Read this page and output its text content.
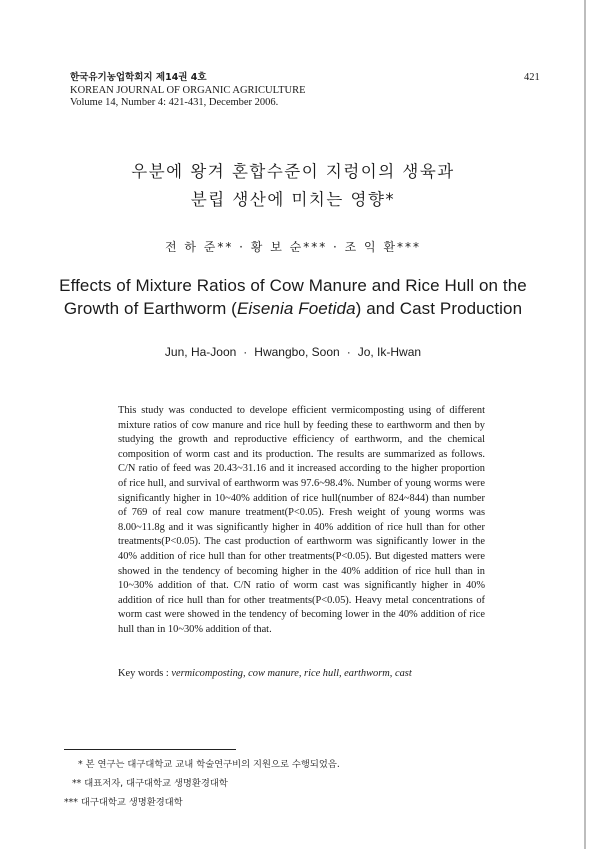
한국유기농업학회지 제14권 4호
KOREAN JOURNAL OF ORGANIC AGRICULTURE
Volume 14, Number 4: 421-431, December 2006.
421
우분에 왕겨 혼합수준이 지렁이의 생육과
분립 생산에 미치는 영향*
전 하 준** · 황 보 순*** · 조 익 환***
Effects of Mixture Ratios of Cow Manure and Rice Hull on the
Growth of Earthworm (Eisenia Foetida) and Cast Production
Jun, Ha-Joon · Hwangbo, Soon · Jo, Ik-Hwan
This study was conducted to develope efficient vermicomposting using of different mixture ratios of cow manure and rice hull by feeding these to earthworm and then by studying the growth and reproductive efficiency of earthworm, and the chemical composition of worm cast and its production. The results are summarized as follows. C/N ratio of feed was 20.43~31.16 and it increased according to the higher proportion of rice hull, and survival of earthworm was 97.6~98.4%. Number of young worms were significantly higher in 10~40% addition of rice hull(number of 824~844) than number of 769 of real cow manure treatment(P<0.05). Fresh weight of young worms was 8.00~11.8g and it was significantly higher in 40% addition of rice hull than for other treatments(P<0.05). The cast production of earthworm was significantly lower in the 40% addition of rice hull than for other treatments(P<0.05). But digested matters were showed in the tendency of becoming higher in the 40% addition of rice hull than in 10~30% addition of that. C/N ratio of worm cast was significantly higher in 40% addition of rice hull than for other treatments(P<0.05). Heavy metal concentrations of worm cast were showed in the tendency of becoming lower in the 40% addition of rice hull than in 10~30% addition of that.
Key words : vermicomposting, cow manure, rice hull, earthworm, cast
* 본 연구는 대구대학교 교내 학술연구비의 지원으로 수행되었음.
** 대표저자, 대구대학교 생명환경대학
*** 대구대학교 생명환경대학
